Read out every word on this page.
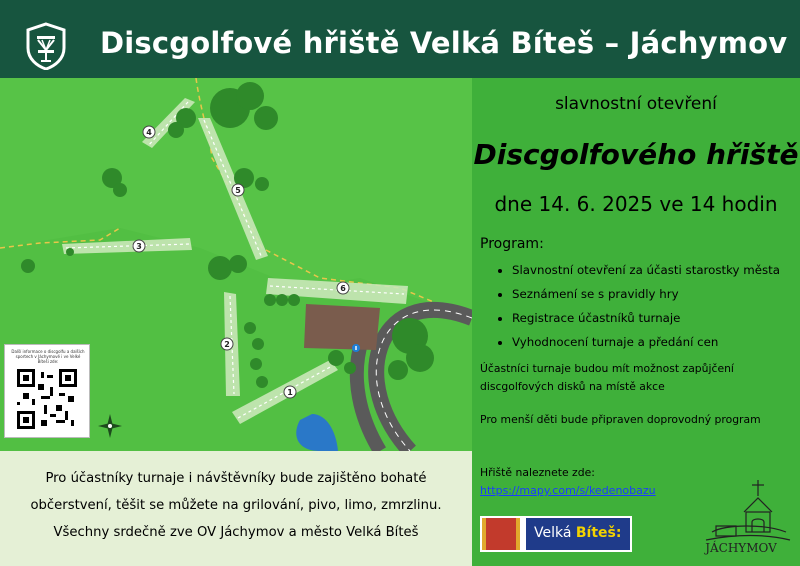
Discgolfové hřiště Velká Bíteš – Jáchymov
4
5
3
6
2
1
Další informace o discgolfu a dalších sportech v Jáchymově i ve Velké Bíteši zde:
slavnostní otevření
Discgolfového hřiště
dne 14. 6. 2025 ve 14 hodin
Program:
• Slavnostní otevření za účasti starostky města
• Seznámení se s pravidly hry
• Registrace účastníků turnaje
• Vyhodnocení turnaje a předání cen
Účastníci turnaje budou mít možnost zapůjčení discgolfových disků na místě akce
Pro menší děti bude připraven doprovodný program
Hřiště naleznete zde:
https://mapy.com/s/kedenobazu
Velká Bíteš:
JÁCHYMOV
Pro účastníky turnaje i návštěvníky bude zajištěno bohaté
občerstvení, těšit se můžete na grilování, pivo, limo, zmrzlinu.
Všechny srdečně zve OV Jáchymov a město Velká Bíteš
